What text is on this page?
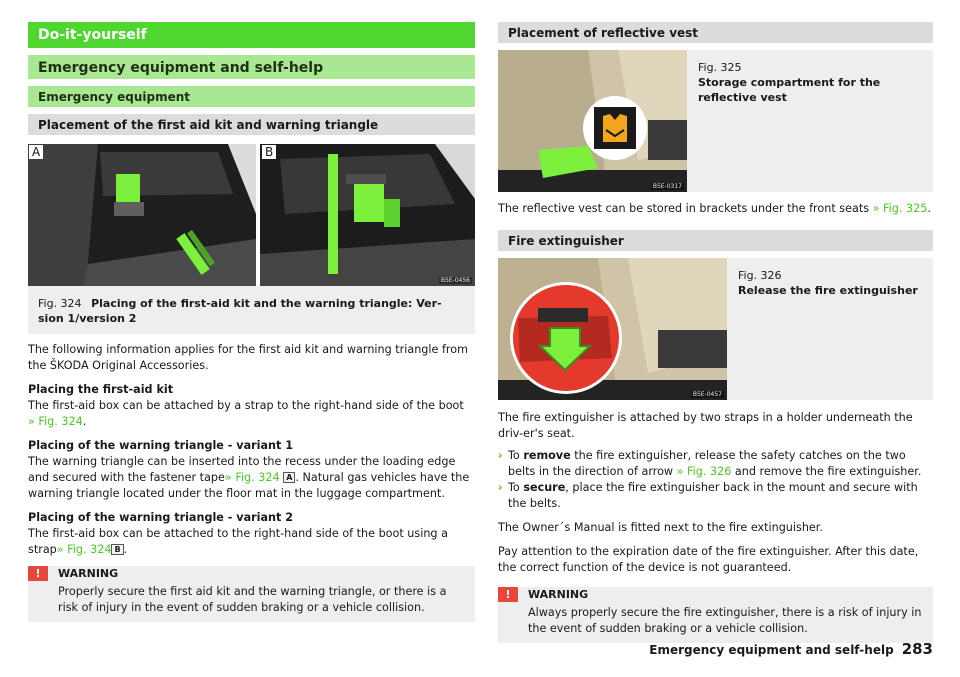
Do-it-yourself
Emergency equipment and self-help
Emergency equipment
Placement of the first aid kit and warning triangle
A	B
B5E-0456
Fig. 324 Placing of the first-aid kit and the warning triangle: Ver-
sion 1/version 2

The following information applies for the first aid kit and warning triangle from the ŠKODA Original Accessories.

Placing the first-aid kit
The first-aid box can be attached by a strap to the right-hand side of the boot
» Fig. 324.

Placing of the warning triangle - variant 1
The warning triangle can be inserted into the recess under the loading edge and secured with the fastener tape» Fig. 324 A . Natural gas vehicles have the warning triangle located under the floor mat in the luggage compartment.

Placing of the warning triangle - variant 2
The first-aid box can be attached to the right-hand side of the boot using a strap» Fig. 324 B .

!	WARNING
Properly secure the first aid kit and the warning triangle, or there is a risk of injury in the event of sudden braking or a vehicle collision.
Placement of reflective vest
B5E-0317
Fig. 325
Storage compartment for the reflective vest

The reflective vest can be stored in brackets under the front seats » Fig. 325.

Fire extinguisher
B5E-0457
Fig. 326
Release the fire extinguisher

The fire extinguisher is attached by two straps in a holder underneath the driv-er's seat.

› To remove the fire extinguisher, release the safety catches on the two belts in the direction of arrow » Fig. 326 and remove the fire extinguisher.
› To secure, place the fire extinguisher back in the mount and secure with the belts.

The Owner´s Manual is fitted next to the fire extinguisher.

Pay attention to the expiration date of the fire extinguisher. After this date, the correct function of the device is not guaranteed.

!	WARNING
Always properly secure the fire extinguisher, there is a risk of injury in the event of sudden braking or a vehicle collision.
Emergency equipment and self-help 283
